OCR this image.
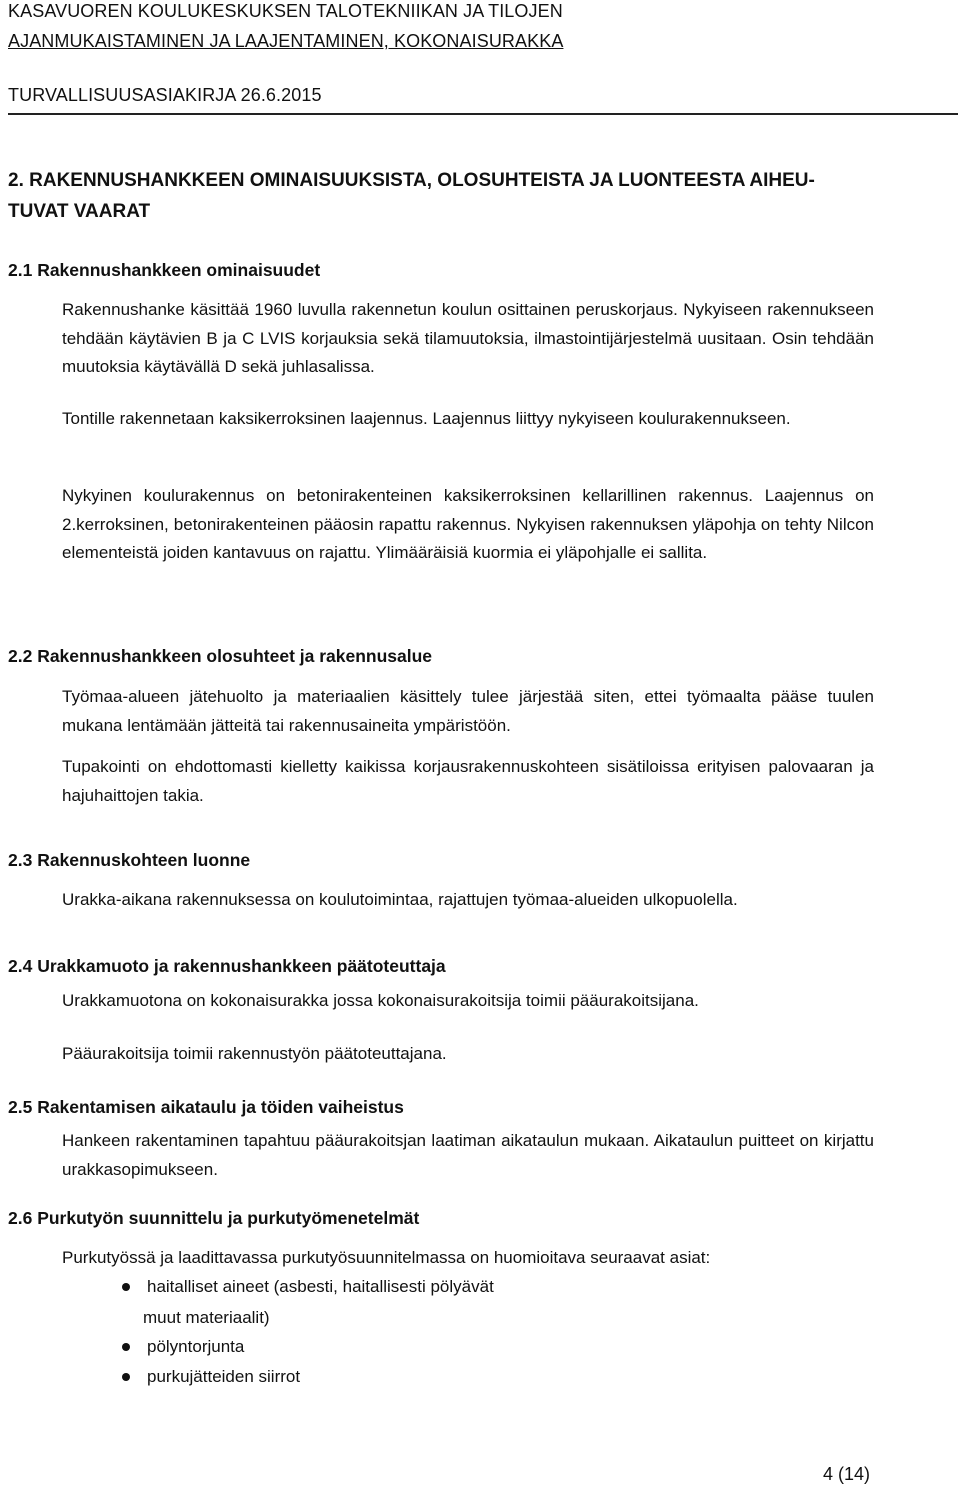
KASAVUOREN KOULUKESKUKSEN TALOTEKNIIKAN JA TILOJEN
AJANMUKAISTAMINEN JA LAAJENTAMINEN, KOKONAISURAKKA
TURVALLISUUSASIAKIRJA 26.6.2015
2. RAKENNUSHANKKEEN OMINAISUUKSISTA, OLOSUHTEISTA JA LUONTEESTA AIHEU-TUVAT VAARAT
2.1 Rakennushankkeen ominaisuudet
Rakennushanke käsittää 1960 luvulla rakennetun koulun osittainen peruskorjaus. Nykyiseen rakennukseen tehdään käytävien B ja C LVIS korjauksia sekä tilamuutoksia, ilmastointijärjestelmä uusitaan. Osin tehdään muutoksia käytävällä D sekä juhlasalissa.
Tontille rakennetaan kaksikerroksinen laajennus. Laajennus liittyy nykyiseen koulurakennukseen.
Nykyinen koulurakennus on betonirakenteinen kaksikerroksinen kellarillinen rakennus. Laajennus on 2.kerroksinen, betonirakenteinen pääosin rapattu rakennus. Nykyisen rakennuksen yläpohja on tehty Nilcon elementeistä joiden kantavuus on rajattu. Ylimääräisiä kuormia ei yläpohjalle ei sallita.
2.2 Rakennushankkeen olosuhteet ja rakennusalue
Työmaa-alueen jätehuolto ja materiaalien käsittely tulee järjestää siten, ettei työmaalta pääse tuulen mukana lentämään jätteitä tai rakennusaineita ympäristöön.
Tupakointi on ehdottomasti kielletty kaikissa korjausrakennuskohteen sisätiloissa erityisen palovaaran ja hajuhaittojen takia.
2.3 Rakennuskohteen luonne
Urakka-aikana rakennuksessa on koulutoimintaa, rajattujen työmaa-alueiden ulkopuolella.
2.4 Urakkamuoto ja rakennushankkeen päätoteuttaja
Urakkamuotona on kokonaisurakka jossa kokonaisurakoitsija toimii pääurakoitsijana.
Pääurakoitsija toimii rakennustyön päätoteuttajana.
2.5 Rakentamisen aikataulu ja töiden vaiheistus
Hankeen rakentaminen tapahtuu pääurakoitsjan laatiman aikataulun mukaan. Aikataulun puitteet on kirjattu urakkasopimukseen.
2.6 Purkutyön suunnittelu ja purkutyömenetelmät
Purkutyössä ja laadittavassa purkutyösuunnitelmassa on huomioitava seuraavat asiat:
haitalliset aineet (asbesti, haitallisesti pölyävät
pölyntorjunta
purkujätteiden siirrot
muut materiaalit)
4 (14)
